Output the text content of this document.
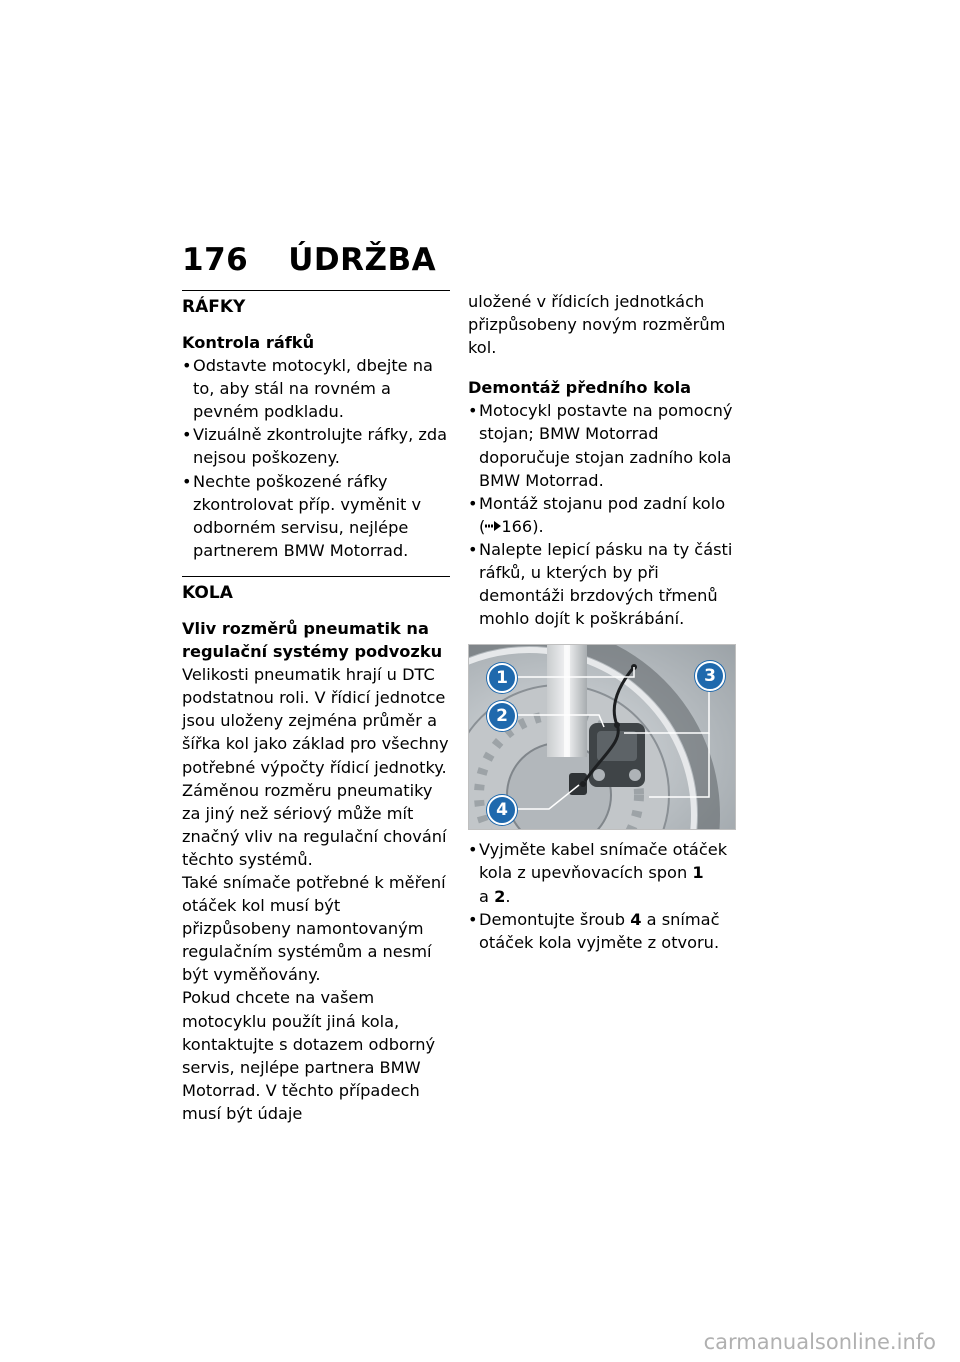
176 ÚDRŽBA
RÁFKY
Kontrola ráfků
• Odstavte motocykl, dbejte na to, aby stál na rovném a pevném podkladu.
• Vizuálně zkontrolujte ráfky, zda nejsou poškozeny.
• Nechte poškozené ráfky zkontrolovat příp. vyměnit v odborném servisu, nejlépe partnerem BMW Motorrad.
KOLA
Vliv rozměrů pneumatik na regulační systémy podvozku

Velikosti pneumatik hrají u DTC podstatnou roli. V řídicí jednotce jsou uloženy zejména průměr a šířka kol jako základ pro všechny potřebné výpočty řídicí jednotky. Záměnou rozměru pneumatiky za jiný než sériový může mít značný vliv na regulační chování těchto systémů.

Také snímače potřebné k měření otáček kol musí být přizpůsobeny namontovaným regulačním systémům a nesmí být vyměňovány.

Pokud chcete na vašem motocyklu použít jiná kola, kontaktujte s dotazem odborný servis, nejlépe partnera BMW Motorrad. V těchto případech musí být údaje

uložené v řídicích jednotkách přizpůsobeny novým rozměrům kol.

Demontáž předního kola
• Motocykl postavte na pomocný stojan; BMW Motorrad doporučuje stojan zadního kola BMW Motorrad.
• Montáž stojanu pod zadní kolo ( 166).
• Nalepte lepicí pásku na ty části ráfků, u kterých by při demontáži brzdových třmenů mohlo dojít k poškrábání.
1
2
3
4
• Vyjměte kabel snímače otáček kola z upevňovacích spon 1
a 2.
• Demontujte šroub 4 a snímač otáček kola vyjměte z otvoru.
carmanualsonline.info
